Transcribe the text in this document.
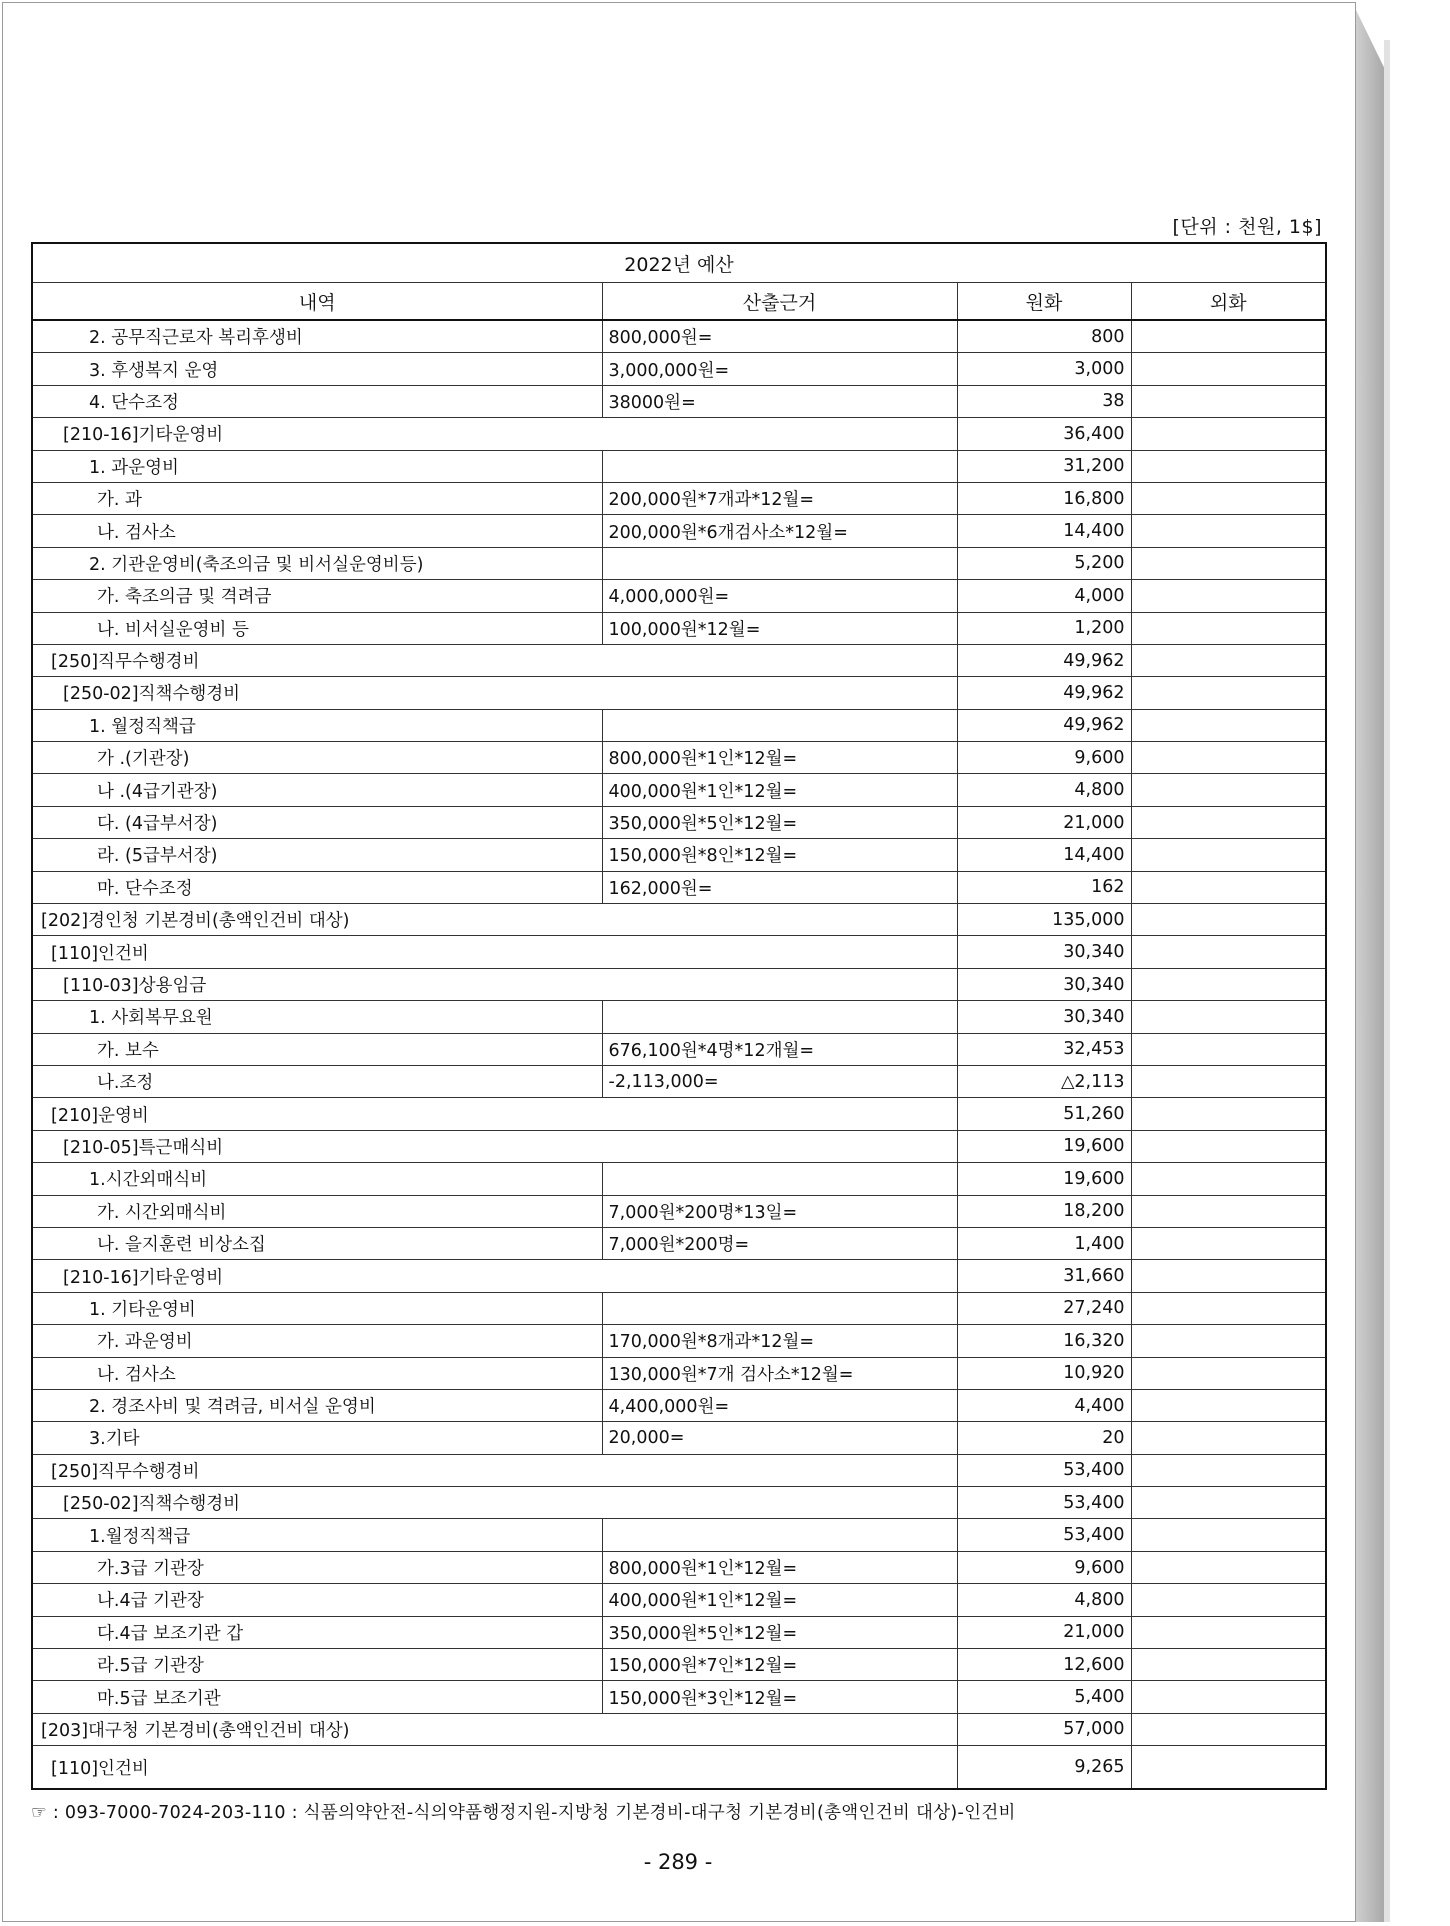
[단위 : 천원, 1$]
2022년 예산			
내역	산출근거	원화	외화
2. 공무직근로자 복리후생비	800,000원=	800	
3. 후생복지 운영	3,000,000원=	3,000	
4. 단수조정	38000원=	38	
[210-16]기타운영비		36,400	
1. 과운영비		31,200	
가. 과	200,000원*7개과*12월=	16,800	
나. 검사소	200,000원*6개검사소*12월=	14,400	
2. 기관운영비(축조의금 및 비서실운영비등)		5,200	
가. 축조의금 및 격려금	4,000,000원=	4,000	
나. 비서실운영비 등	100,000원*12월=	1,200	
[250]직무수행경비		49,962	
[250-02]직책수행경비		49,962	
1. 월정직책급		49,962	
가 .(기관장)	800,000원*1인*12월=	9,600	
나 .(4급기관장)	400,000원*1인*12월=	4,800	
다. (4급부서장)	350,000원*5인*12월=	21,000	
라. (5급부서장)	150,000원*8인*12월=	14,400	
마. 단수조정	162,000원=	162	
[202]경인청 기본경비(총액인건비 대상)		135,000	
[110]인건비		30,340	
[110-03]상용임금		30,340	
1. 사회복무요원		30,340	
가. 보수	676,100원*4명*12개월=	32,453	
나.조정	-2,113,000=	△2,113	
[210]운영비		51,260	
[210-05]특근매식비		19,600	
1.시간외매식비		19,600	
가. 시간외매식비	7,000원*200명*13일=	18,200	
나. 을지훈련 비상소집	7,000원*200명=	1,400	
[210-16]기타운영비		31,660	
1. 기타운영비		27,240	
가. 과운영비	170,000원*8개과*12월=	16,320	
나. 검사소	130,000원*7개 검사소*12월=	10,920	
2. 경조사비 및 격려금, 비서실 운영비	4,400,000원=	4,400	
3.기타	20,000=	20	
[250]직무수행경비		53,400	
[250-02]직책수행경비		53,400	
1.월정직책급		53,400	
가.3급 기관장	800,000원*1인*12월=	9,600	
나.4급 기관장	400,000원*1인*12월=	4,800	
다.4급 보조기관 갑	350,000원*5인*12월=	21,000	
라.5급 기관장	150,000원*7인*12월=	12,600	
마.5급 보조기관	150,000원*3인*12월=	5,400	
[203]대구청 기본경비(총액인건비 대상)		57,000	
[110]인건비		9,265	
☞ : 093-7000-7024-203-110 : 식품의약안전-식의약품행정지원-지방청 기본경비-대구청 기본경비(총액인건비 대상)-인건비
- 289 -
